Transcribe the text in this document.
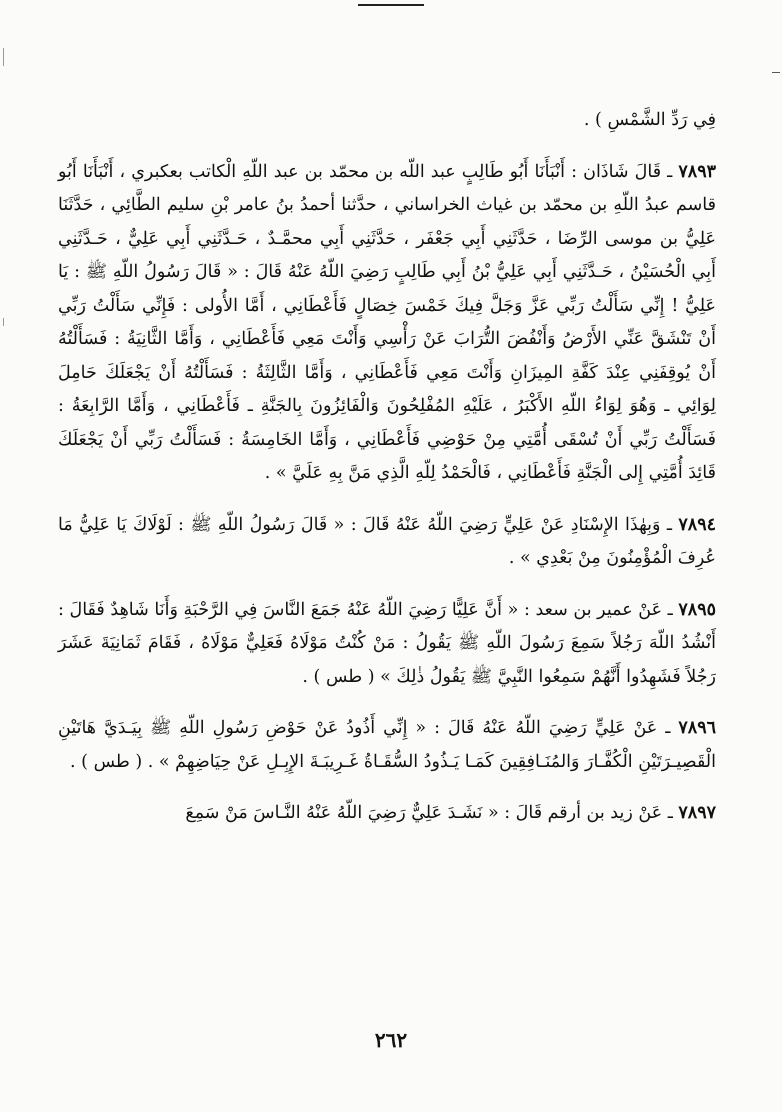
فِي رَدِّ الشَّمْسِ ) .

٧٨٩٣ ـ قَالَ شَاذَان : أَنْبَأَنَا أَبُو طَالِبٍ عبد اللّه بن محمّد بن عبد اللّهِ الْكاتب بعكبري ، أَنْبَأَنَا أَبُو قاسم عبدُ اللّهِ بن محمّد بن غياث الخراساني ، حدَّثنا أحمدُ بنُ عامر بْنِ سليم الطَّائِي ، حَدَّثَنَا عَلِيُّ بن موسى الرِّضَا ، حَدَّثَنِي أَبِي جَعْفَر ، حَدَّثَنِي أَبِي محمَّـدٌ ، حَـدَّثَنِي أَبِي عَلِيٌّ ، حَـدَّثَنِي أَبِي الْحُسَيْنُ ، حَـدَّثَنِي أَبِي عَلِيُّ بْنُ أَبِي طَالِبٍ رَضِيَ اللّهُ عَنْهُ قَالَ : « قَالَ رَسُولُ اللّهِ ﷺ : يَا عَلِيُّ ! إِنِّي سَأَلْتُ رَبِّي عَزَّ وَجَلَّ فِيكَ خَمْسَ خِصَالٍ فَأَعْطَانِي ، أَمَّا الأُولى : فَإِنِّي سَأَلْتُ رَبِّي أَنْ تَنْشَقَّ عَنِّي الأَرْضُ وَأَنْفُضَ التُّرَابَ عَنْ رَأْسِي وَأَنْتَ مَعِي فَأَعْطَانِي ، وَأَمَّا الثَّانِيَةُ : فَسَأَلْتُهُ أَنْ يُوقِفَنِي عِنْدَ كَفَّةِ المِيزَانِ وَأَنْتَ مَعِي فَأَعْطَانِي ، وَأَمَّا الثَّالِثَةُ : فَسَأَلْتُهُ أَنْ يَجْعَلَكَ حَامِلَ لِوَائِي ـ وَهُوَ لِوَاءُ اللّهِ الأَكْبَرُ ، عَلَيْهِ المُفْلِحُونَ وَالْفَائِزُونَ بِالجَنَّةِ ـ فَأَعْطَانِي ، وَأَمَّا الرَّابِعَةُ : فَسَأَلْتُ رَبِّي أَنْ تُسْقَى أُمَّتِي مِنْ حَوْضِي فَأَعْطَانِي ، وَأَمَّا الخَامِسَةُ : فَسَأَلْتُ رَبِّي أَنْ يَجْعَلَكَ قَائِدَ أُمَّتِي إِلى الْجَنَّةِ فَأَعْطَانِي ، فَالْحَمْدُ لِلّهِ الَّذِي مَنَّ بِهِ عَلَيَّ » .

٧٨٩٤ ـ وَبِهٰذَا الإِسْنَادِ عَنْ عَلِيٍّ رَضِيَ اللّهُ عَنْهُ قَالَ : « قَالَ رَسُولُ اللّهِ ﷺ : لَوْلَاكَ يَا عَلِيُّ مَا عُرِفَ الْمُؤْمِنُونَ مِنْ بَعْدِي » .

٧٨٩٥ ـ عَنْ عمير بن سعد : « أَنَّ عَلِيًّا رَضِيَ اللّهُ عَنْهُ جَمَعَ النَّاسَ فِي الرَّحْبَةِ وَأَنَا شَاهِدٌ فَقَالَ : أَنْشُدُ اللّهَ رَجُلاً سَمِعَ رَسُولَ اللّهِ ﷺ يَقُولُ : مَنْ كُنْتُ مَوْلَاهُ فَعَلِيٌّ مَوْلَاهُ ، فَقَامَ ثَمَانِيَةَ عَشَرَ رَجُلاً فَشَهِدُوا أَنَّهُمْ سَمِعُوا النَّبِيَّ ﷺ يَقُولُ ذٰلِكَ » ( طس ) .

٧٨٩٦ ـ عَنْ عَلِيٍّ رَضِيَ اللّهُ عَنْهُ قَالَ : « إِنِّي أَذُودُ عَنْ حَوْضِ رَسُولِ اللّهِ ﷺ بِيَـدَيَّ هَاتَيْنِ الْقَصِيـرَتَيْنِ الْكُفَّـارَ وَالمُنَـافِقِينَ كَمَـا يَـذُودُ السُّقَـاةُ غَـرِيبَـةَ الإِبِـلِ عَنْ حِيَاضِهِمْ » . ( طس ) .

٧٨٩٧ ـ عَنْ زيد بن أرقم قَالَ : « نَشَـدَ عَلِيٌّ رَضِيَ اللّهُ عَنْهُ النَّـاسَ مَنْ سَمِعَ

٢٦٢
